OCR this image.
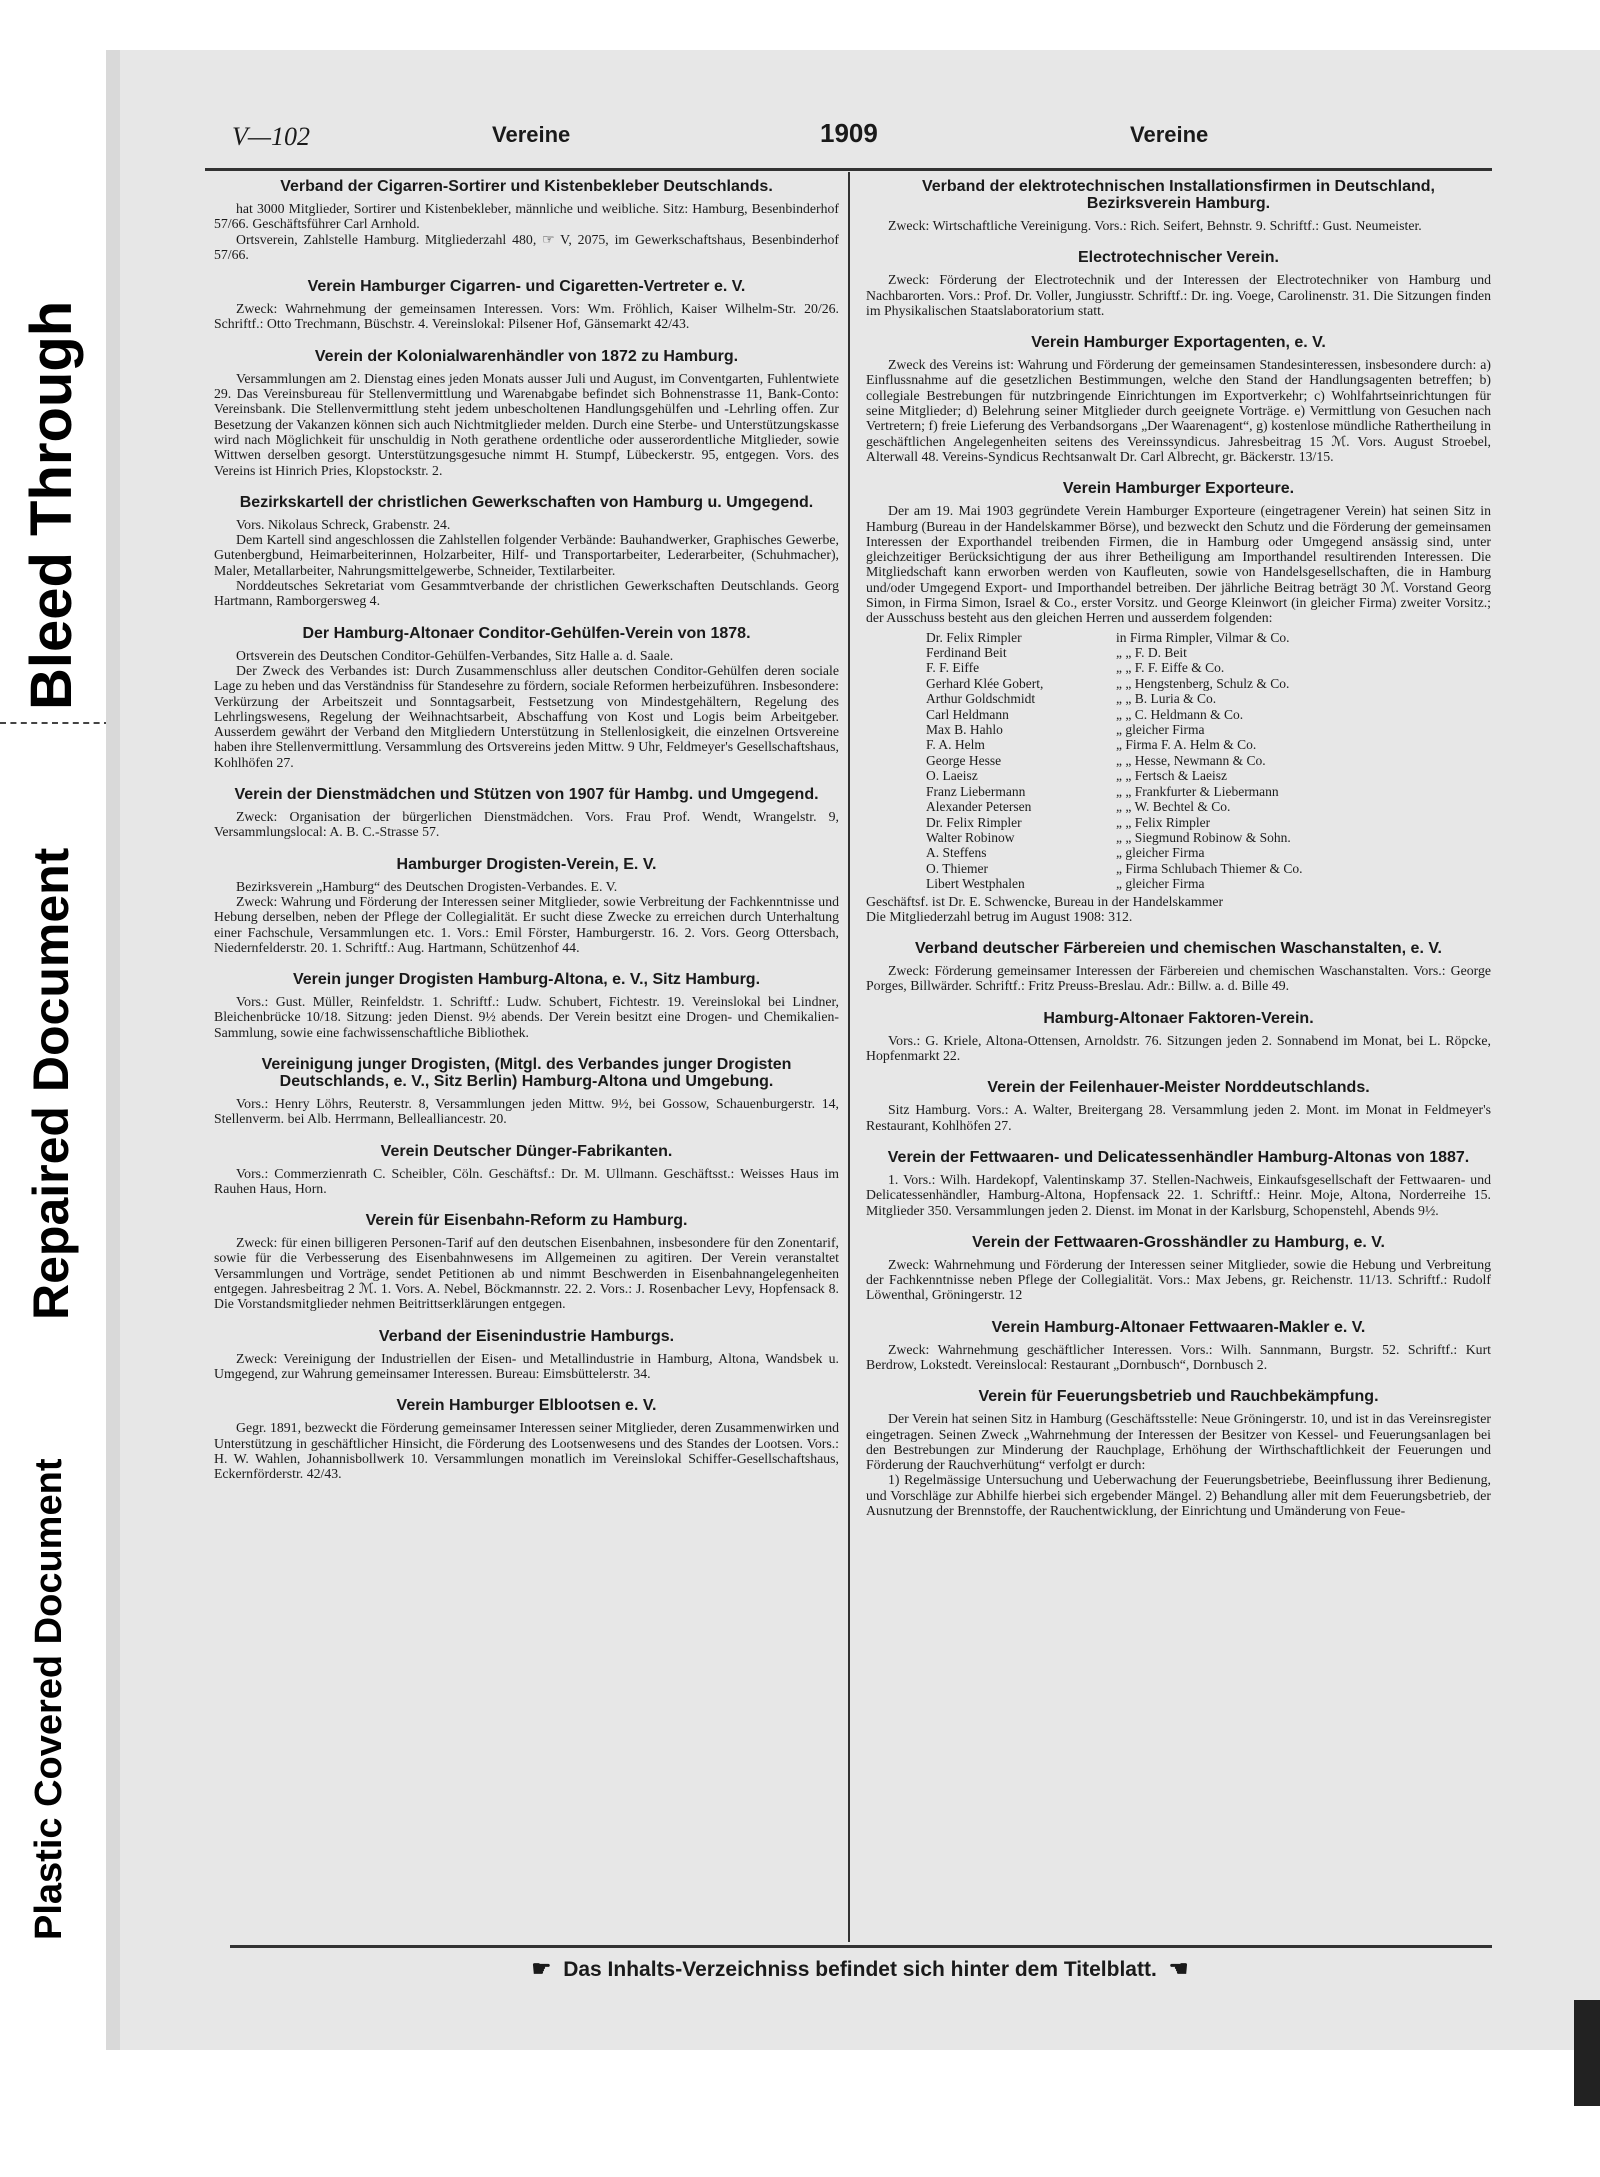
Bleed Through
Repaired Document
Plastic Covered Document
V—102	Vereine	1909	Vereine
Verband der Cigarren-Sortirer und Kistenbekleber Deutschlands.

hat 3000 Mitglieder, Sortirer und Kistenbekleber, männliche und weibliche. Sitz: Hamburg, Besenbinderhof 57/66. Geschäftsführer Carl Arnhold.

Ortsverein, Zahlstelle Hamburg. Mitgliederzahl 480, ☞ V, 2075, im Gewerkschaftshaus, Besenbinderhof 57/66.

Verein Hamburger Cigarren- und Cigaretten-Vertreter e. V.

Zweck: Wahrnehmung der gemeinsamen Interessen. Vors: Wm. Fröhlich, Kaiser Wilhelm-Str. 20/26. Schriftf.: Otto Trechmann, Büschstr. 4. Vereinslokal: Pilsener Hof, Gänsemarkt 42/43.

Verein der Kolonialwarenhändler von 1872 zu Hamburg.

Versammlungen am 2. Dienstag eines jeden Monats ausser Juli und August, im Conventgarten, Fuhlentwiete 29. Das Vereinsbureau für Stellenvermittlung und Warenabgabe befindet sich Bohnenstrasse 11, Bank-Conto: Vereinsbank. Die Stellenvermittlung steht jedem unbescholtenen Handlungsgehülfen und -Lehrling offen. Zur Besetzung der Vakanzen können sich auch Nichtmitglieder melden. Durch eine Sterbe- und Unterstützungskasse wird nach Möglichkeit für unschuldig in Noth gerathene ordentliche oder ausserordentliche Mitglieder, sowie Wittwen derselben gesorgt. Unterstützungsgesuche nimmt H. Stumpf, Lübeckerstr. 95, entgegen. Vors. des Vereins ist Hinrich Pries, Klopstockstr. 2.

Bezirkskartell der christlichen Gewerkschaften von Hamburg u. Umgegend.

Vors. Nikolaus Schreck, Grabenstr. 24.

Dem Kartell sind angeschlossen die Zahlstellen folgender Verbände: Bauhandwerker, Graphisches Gewerbe, Gutenbergbund, Heimarbeiterinnen, Holzarbeiter, Hilf- und Transportarbeiter, Lederarbeiter, (Schuhmacher), Maler, Metallarbeiter, Nahrungsmittelgewerbe, Schneider, Textilarbeiter.

Norddeutsches Sekretariat vom Gesammtverbande der christlichen Gewerkschaften Deutschlands. Georg Hartmann, Ramborgersweg 4.

Der Hamburg-Altonaer Conditor-Gehülfen-Verein von 1878.

Ortsverein des Deutschen Conditor-Gehülfen-Verbandes, Sitz Halle a. d. Saale.

Der Zweck des Verbandes ist: Durch Zusammenschluss aller deutschen Conditor-Gehülfen deren sociale Lage zu heben und das Verständniss für Standesehre zu fördern, sociale Reformen herbeizuführen. Insbesondere: Verkürzung der Arbeitszeit und Sonntagsarbeit, Festsetzung von Mindestgehältern, Regelung des Lehrlingswesens, Regelung der Weihnachtsarbeit, Abschaffung von Kost und Logis beim Arbeitgeber. Ausserdem gewährt der Verband den Mitgliedern Unterstützung in Stellenlosigkeit, die einzelnen Ortsvereine haben ihre Stellenvermittlung. Versammlung des Ortsvereins jeden Mittw. 9 Uhr, Feldmeyer's Gesellschaftshaus, Kohlhöfen 27.

Verein der Dienstmädchen und Stützen von 1907 für Hambg. und Umgegend.

Zweck: Organisation der bürgerlichen Dienstmädchen. Vors. Frau Prof. Wendt, Wrangelstr. 9, Versammlungslocal: A. B. C.-Strasse 57.

Hamburger Drogisten-Verein, E. V.

Bezirksverein „Hamburg“ des Deutschen Drogisten-Verbandes. E. V.

Zweck: Wahrung und Förderung der Interessen seiner Mitglieder, sowie Verbreitung der Fachkenntnisse und Hebung derselben, neben der Pflege der Collegialität. Er sucht diese Zwecke zu erreichen durch Unterhaltung einer Fachschule, Versammlungen etc. 1. Vors.: Emil Förster, Hamburgerstr. 16. 2. Vors. Georg Ottersbach, Niedernfelderstr. 20. 1. Schriftf.: Aug. Hartmann, Schützenhof 44.

Verein junger Drogisten Hamburg-Altona, e. V., Sitz Hamburg.

Vors.: Gust. Müller, Reinfeldstr. 1. Schriftf.: Ludw. Schubert, Fichtestr. 19. Vereinslokal bei Lindner, Bleichenbrücke 10/18. Sitzung: jeden Dienst. 9½ abends. Der Verein besitzt eine Drogen- und Chemikalien-Sammlung, sowie eine fachwissenschaftliche Bibliothek.

Vereinigung junger Drogisten, (Mitgl. des Verbandes junger Drogisten Deutschlands, e. V., Sitz Berlin) Hamburg-Altona und Umgebung.

Vors.: Henry Löhrs, Reuterstr. 8, Versammlungen jeden Mittw. 9½, bei Gossow, Schauenburgerstr. 14, Stellenverm. bei Alb. Herrmann, Bellealliancestr. 20.

Verein Deutscher Dünger-Fabrikanten.

Vors.: Commerzienrath C. Scheibler, Cöln. Geschäftsf.: Dr. M. Ullmann. Geschäftsst.: Weisses Haus im Rauhen Haus, Horn.

Verein für Eisenbahn-Reform zu Hamburg.

Zweck: für einen billigeren Personen-Tarif auf den deutschen Eisenbahnen, insbesondere für den Zonentarif, sowie für die Verbesserung des Eisenbahnwesens im Allgemeinen zu agitiren. Der Verein veranstaltet Versammlungen und Vorträge, sendet Petitionen ab und nimmt Beschwerden in Eisenbahnangelegenheiten entgegen. Jahresbeitrag 2 ℳ. 1. Vors. A. Nebel, Böckmannstr. 22. 2. Vors.: J. Rosenbacher Levy, Hopfensack 8. Die Vorstandsmitglieder nehmen Beitrittserklärungen entgegen.

Verband der Eisenindustrie Hamburgs.

Zweck: Vereinigung der Industriellen der Eisen- und Metallindustrie in Hamburg, Altona, Wandsbek u. Umgegend, zur Wahrung gemeinsamer Interessen. Bureau: Eimsbüttelerstr. 34.

Verein Hamburger Elblootsen e. V.

Gegr. 1891, bezweckt die Förderung gemeinsamer Interessen seiner Mitglieder, deren Zusammenwirken und Unterstützung in geschäftlicher Hinsicht, die Förderung des Lootsenwesens und des Standes der Lootsen. Vors.: H. W. Wahlen, Johannisbollwerk 10. Versammlungen monatlich im Vereinslokal Schiffer-Gesellschaftshaus, Eckernförderstr. 42/43.

Verband der elektrotechnischen Installationsfirmen in Deutschland, Bezirksverein Hamburg.

Zweck: Wirtschaftliche Vereinigung. Vors.: Rich. Seifert, Behnstr. 9. Schriftf.: Gust. Neumeister.

Electrotechnischer Verein.

Zweck: Förderung der Electrotechnik und der Interessen der Electrotechniker von Hamburg und Nachbarorten. Vors.: Prof. Dr. Voller, Jungiusstr. Schriftf.: Dr. ing. Voege, Carolinenstr. 31. Die Sitzungen finden im Physikalischen Staatslaboratorium statt.

Verein Hamburger Exportagenten, e. V.

Zweck des Vereins ist: Wahrung und Förderung der gemeinsamen Standesinteressen, insbesondere durch: a) Einflussnahme auf die gesetzlichen Bestimmungen, welche den Stand der Handlungsagenten betreffen; b) collegiale Bestrebungen für nutzbringende Einrichtungen im Exportverkehr; c) Wohlfahrtseinrichtungen für seine Mitglieder; d) Belehrung seiner Mitglieder durch geeignete Vorträge. e) Vermittlung von Gesuchen nach Vertretern; f) freie Lieferung des Verbandsorgans „Der Waarenagent“, g) kostenlose mündliche Rathertheilung in geschäftlichen Angelegenheiten seitens des Vereinssyndicus. Jahresbeitrag 15 ℳ. Vors. August Stroebel, Alterwall 48. Vereins-Syndicus Rechtsanwalt Dr. Carl Albrecht, gr. Bäckerstr. 13/15.

Verein Hamburger Exporteure.

Der am 19. Mai 1903 gegründete Verein Hamburger Exporteure (eingetragener Verein) hat seinen Sitz in Hamburg (Bureau in der Handelskammer Börse), und bezweckt den Schutz und die Förderung der gemeinsamen Interessen der Exporthandel treibenden Firmen, die in Hamburg oder Umgegend ansässig sind, unter gleichzeitiger Berücksichtigung der aus ihrer Betheiligung am Importhandel resultirenden Interessen. Die Mitgliedschaft kann erworben werden von Kaufleuten, sowie von Handelsgesellschaften, die in Hamburg und/oder Umgegend Export- und Importhandel betreiben. Der jährliche Beitrag beträgt 30 ℳ. Vorstand Georg Simon, in Firma Simon, Israel & Co., erster Vorsitz. und George Kleinwort (in gleicher Firma) zweiter Vorsitz.; der Ausschuss besteht aus den gleichen Herren und ausserdem folgenden:

Dr. Felix Rimpler	in Firma Rimpler, Vilmar & Co.
Ferdinand Beit	„ „ F. D. Beit
F. F. Eiffe	„ „ F. F. Eiffe & Co.
Gerhard Klée Gobert,	„ „ Hengstenberg, Schulz & Co.
Arthur Goldschmidt	„ „ B. Luria & Co.
Carl Heldmann	„ „ C. Heldmann & Co.
Max B. Hahlo	„ gleicher Firma
F. A. Helm	„ Firma F. A. Helm & Co.
George Hesse	„ „ Hesse, Newmann & Co.
O. Laeisz	„ „ Fertsch & Laeisz
Franz Liebermann	„ „ Frankfurter & Liebermann
Alexander Petersen	„ „ W. Bechtel & Co.
Dr. Felix Rimpler	„ „ Felix Rimpler
Walter Robinow	„ „ Siegmund Robinow & Sohn.
A. Steffens	„ gleicher Firma
O. Thiemer	„ Firma Schlubach Thiemer & Co.
Libert Westphalen	„ gleicher Firma

Geschäftsf. ist Dr. E. Schwencke, Bureau in der Handelskammer

Die Mitgliederzahl betrug im August 1908: 312.

Verband deutscher Färbereien und chemischen Waschanstalten, e. V.

Zweck: Förderung gemeinsamer Interessen der Färbereien und chemischen Waschanstalten. Vors.: George Porges, Billwärder. Schriftf.: Fritz Preuss-Breslau. Adr.: Billw. a. d. Bille 49.

Hamburg-Altonaer Faktoren-Verein.

Vors.: G. Kriele, Altona-Ottensen, Arnoldstr. 76. Sitzungen jeden 2. Sonnabend im Monat, bei L. Röpcke, Hopfenmarkt 22.

Verein der Feilenhauer-Meister Norddeutschlands.

Sitz Hamburg. Vors.: A. Walter, Breitergang 28. Versammlung jeden 2. Mont. im Monat in Feldmeyer's Restaurant, Kohlhöfen 27.

Verein der Fettwaaren- und Delicatessenhändler Hamburg-Altonas von 1887.

1. Vors.: Wilh. Hardekopf, Valentinskamp 37. Stellen-Nachweis, Einkaufsgesellschaft der Fettwaaren- und Delicatessenhändler, Hamburg-Altona, Hopfensack 22. 1. Schriftf.: Heinr. Moje, Altona, Norderreihe 15. Mitglieder 350. Versammlungen jeden 2. Dienst. im Monat in der Karlsburg, Schopenstehl, Abends 9½.

Verein der Fettwaaren-Grosshändler zu Hamburg, e. V.

Zweck: Wahrnehmung und Förderung der Interessen seiner Mitglieder, sowie die Hebung und Verbreitung der Fachkenntnisse neben Pflege der Collegialität. Vors.: Max Jebens, gr. Reichenstr. 11/13. Schriftf.: Rudolf Löwenthal, Gröningerstr. 12

Verein Hamburg-Altonaer Fettwaaren-Makler e. V.

Zweck: Wahrnehmung geschäftlicher Interessen. Vors.: Wilh. Sannmann, Burgstr. 52. Schriftf.: Kurt Berdrow, Lokstedt. Vereinslocal: Restaurant „Dornbusch“, Dornbusch 2.

Verein für Feuerungsbetrieb und Rauchbekämpfung.

Der Verein hat seinen Sitz in Hamburg (Geschäftsstelle: Neue Gröningerstr. 10, und ist in das Vereinsregister eingetragen. Seinen Zweck „Wahrnehmung der Interessen der Besitzer von Kessel- und Feuerungsanlagen bei den Bestrebungen zur Minderung der Rauchplage, Erhöhung der Wirthschaftlichkeit der Feuerungen und Förderung der Rauchverhütung“ verfolgt er durch:

1) Regelmässige Untersuchung und Ueberwachung der Feuerungsbetriebe, Beeinflussung ihrer Bedienung, und Vorschläge zur Abhilfe hierbei sich ergebender Mängel. 2) Behandlung aller mit dem Feuerungsbetrieb, der Ausnutzung der Brennstoffe, der Rauchentwicklung, der Einrichtung und Umänderung von Feue-

☛ Das Inhalts-Verzeichniss befindet sich hinter dem Titelblatt. ☚
